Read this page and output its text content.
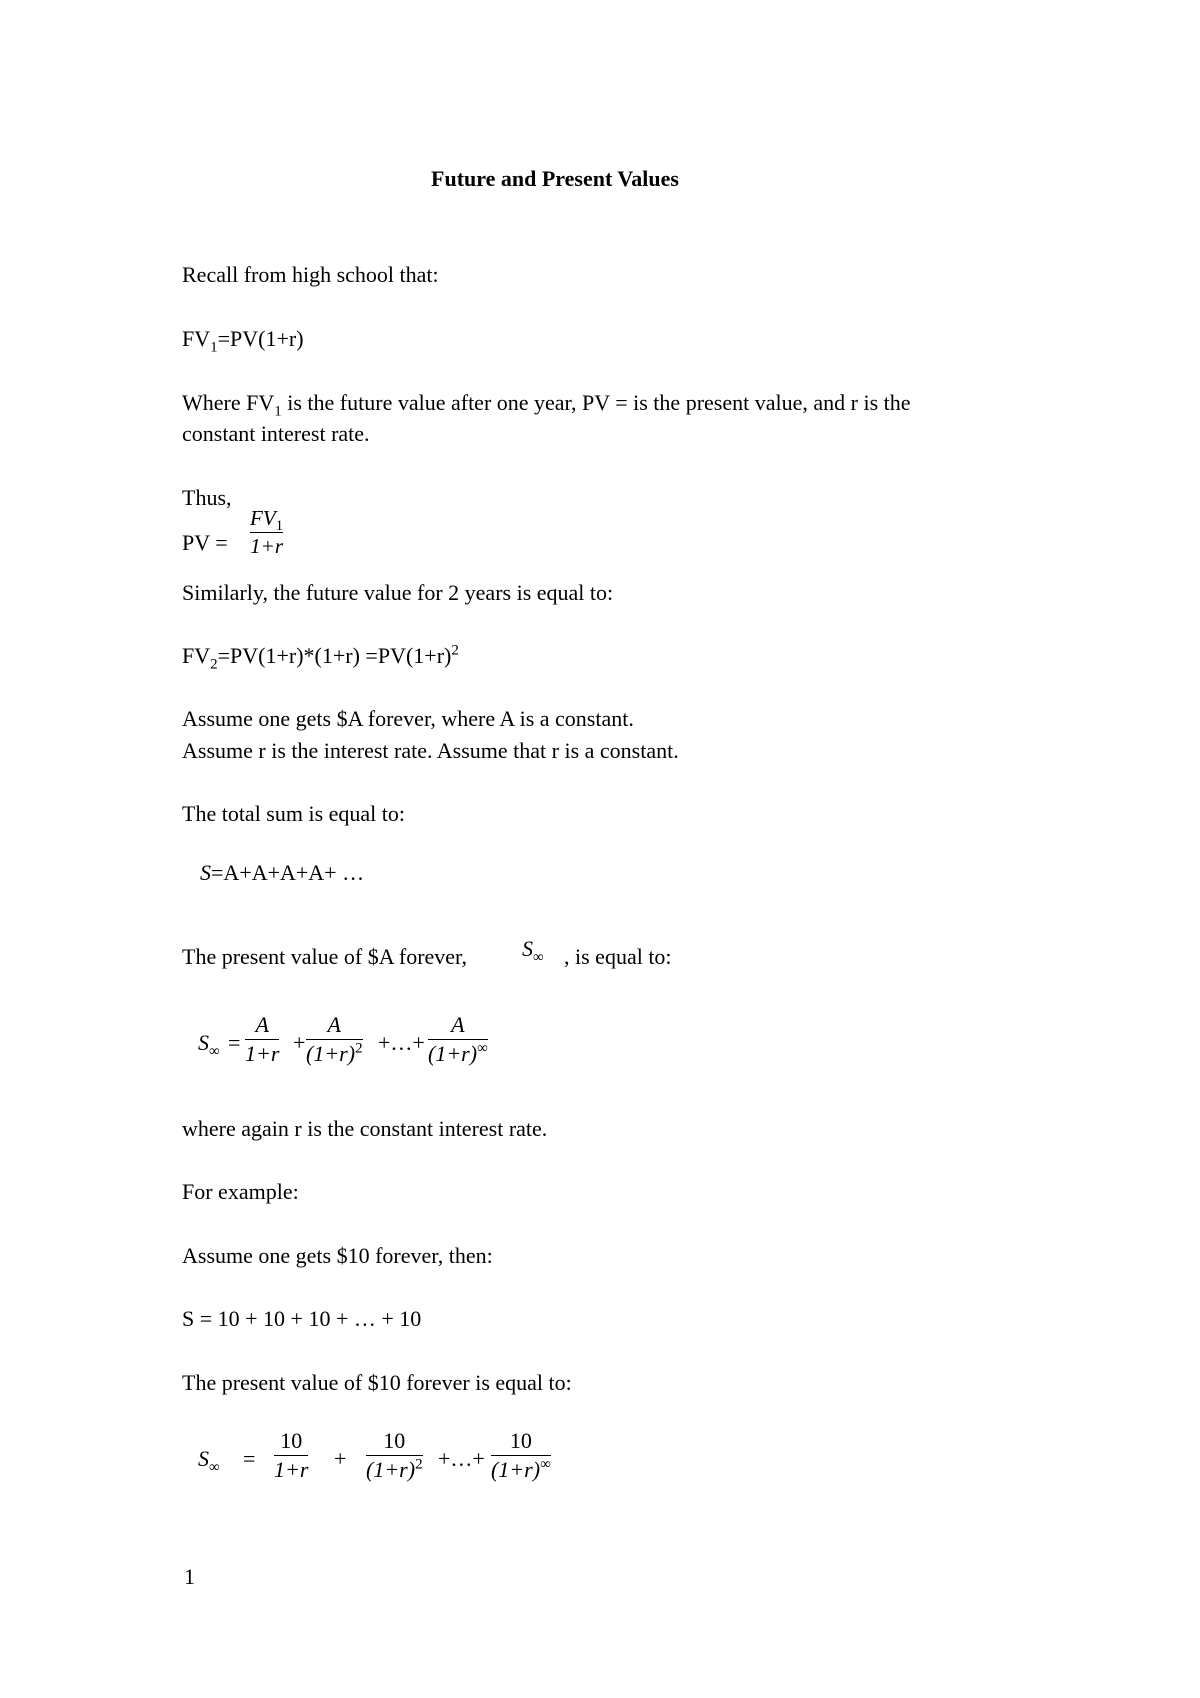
Future and Present Values
Recall from high school that:
$FV_1=PV(1+r)$
Where $FV_1$ is the future value after one year, PV = is the present value, and r is the
constant interest rate.
Thus,
PV =
$FV_1$
1+r
Similarly, the future value for 2 years is equal to:
$FV_2=PV(1+r)*(1+r) =PV(1+r)^2$
Assume one gets $A forever, where A is a constant.
Assume r is the interest rate. Assume that r is a constant.
The total sum is equal to:
S=A+A+A+A+ …
The present value of $A forever, $S_\infty$ , is equal to:
$S_\infty$ =
A
1+r +
A
$(1+r)^2$ +…+
A
(1+r)∞
where again r is the constant interest rate.
For example:
Assume one gets $10 forever, then:
S = 10 + 10 + 10 + … + 10
The present value of $10 forever is equal to:
$S_\infty$ =
10
1+r +
10
$(1+r)^2$ +…+
10
(1+r)∞
1
